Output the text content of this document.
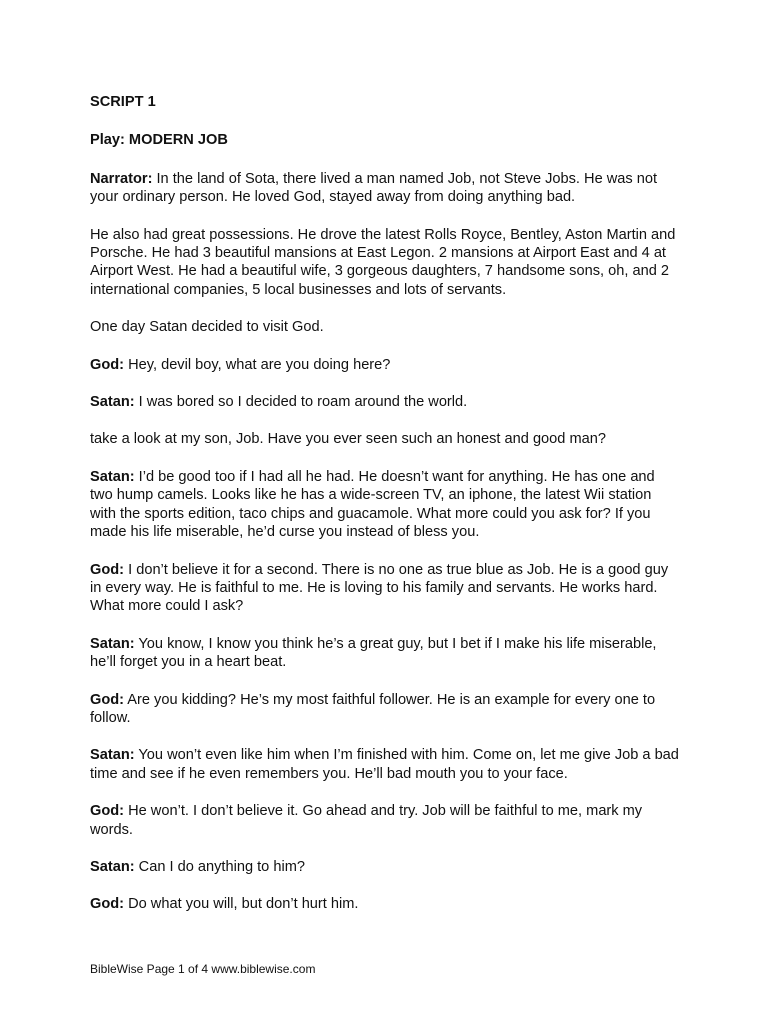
SCRIPT 1
Play: MODERN JOB
Narrator: In the land of Sota, there lived a man named Job, not Steve Jobs. He was not your ordinary person. He loved God, stayed away from doing anything bad.
He also had great possessions. He drove the latest Rolls Royce, Bentley, Aston Martin and Porsche. He had 3 beautiful mansions at East Legon. 2 mansions at Airport East and 4 at Airport West. He had a beautiful wife, 3 gorgeous daughters, 7 handsome sons, oh, and 2 international companies, 5 local businesses and lots of servants.
One day Satan decided to visit God.
God: Hey, devil boy, what are you doing here?
Satan: I was bored so I decided to roam around the world.
take a look at my son, Job. Have you ever seen such an honest and good man?
Satan: I’d be good too if I had all he had. He doesn’t want for anything. He has one and two hump camels. Looks like he has a wide-screen TV, an iphone, the latest Wii station with the sports edition, taco chips and guacamole. What more could you ask for? If you made his life miserable, he’d curse you instead of bless you.
God: I don’t believe it for a second. There is no one as true blue as Job. He is a good guy in every way. He is faithful to me. He is loving to his family and servants. He works hard. What more could I ask?
Satan: You know, I know you think he’s a great guy, but I bet if I make his life miserable, he’ll forget you in a heart beat.
God: Are you kidding? He’s my most faithful follower. He is an example for every one to follow.
Satan: You won’t even like him when I’m finished with him. Come on, let me give Job a bad time and see if he even remembers you. He’ll bad mouth you to your face.
God: He won’t. I don’t believe it. Go ahead and try. Job will be faithful to me, mark my words.
Satan: Can I do anything to him?
God: Do what you will, but don’t hurt him.
BibleWise Page 1 of 4 www.biblewise.com
